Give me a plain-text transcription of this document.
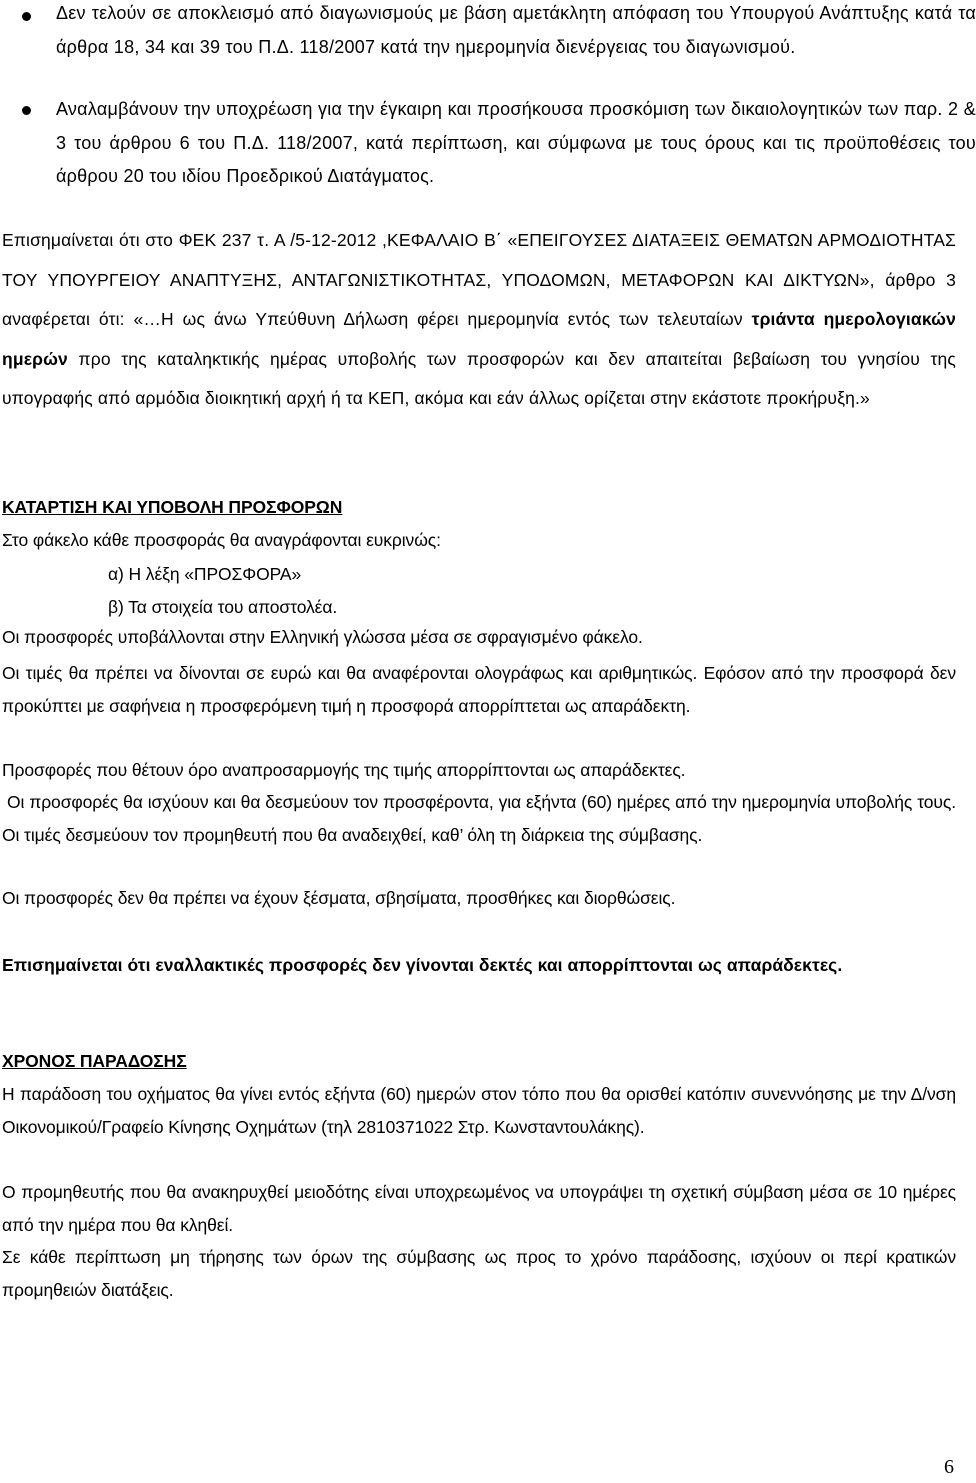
Δεν τελούν σε αποκλεισμό από διαγωνισμούς με βάση αμετάκλητη απόφαση του Υπουργού Ανάπτυξης κατά τα άρθρα 18, 34 και 39 του Π.Δ. 118/2007 κατά την ημερομηνία διενέργειας του διαγωνισμού.
Αναλαμβάνουν την υποχρέωση για την έγκαιρη και προσήκουσα προσκόμιση των δικαιολογητικών των παρ. 2 & 3 του άρθρου 6 του Π.Δ. 118/2007, κατά περίπτωση, και σύμφωνα με τους όρους και τις προϋποθέσεις του άρθρου 20 του ιδίου Προεδρικού Διατάγματος.
Επισημαίνεται ότι στο ΦΕΚ 237 τ. Α /5-12-2012 ,ΚΕΦΑΛΑΙΟ Β΄ «ΕΠΕΙΓΟΥΣΕΣ ΔΙΑΤΑΞΕΙΣ ΘΕΜΑΤΩΝ ΑΡΜΟΔΙΟΤΗΤΑΣ ΤΟΥ ΥΠΟΥΡΓΕΙΟΥ ΑΝΑΠΤΥΞΗΣ, ΑΝΤΑΓΩΝΙΣΤΙΚΟΤΗΤΑΣ, ΥΠΟΔΟΜΩΝ, ΜΕΤΑΦΟΡΩΝ ΚΑΙ ΔΙΚΤΥΩΝ», άρθρο 3 αναφέρεται ότι: «…Η ως άνω Υπεύθυνη Δήλωση φέρει ημερομηνία εντός των τελευταίων τριάντα ημερολογιακών ημερών προ της καταληκτικής ημέρας υποβολής των προσφορών και δεν απαιτείται βεβαίωση του γνησίου της υπογραφής από αρμόδια διοικητική αρχή ή τα ΚΕΠ, ακόμα και εάν άλλως ορίζεται στην εκάστοτε προκήρυξη.»
ΚΑΤΑΡΤΙΣΗ ΚΑΙ ΥΠΟΒΟΛΗ ΠΡΟΣΦΟΡΩΝ
Στο φάκελο κάθε προσφοράς θα αναγράφονται ευκρινώς:
α) Η λέξη «ΠΡΟΣΦΟΡΑ»
β) Τα στοιχεία του αποστολέα.
Οι προσφορές υποβάλλονται στην Ελληνική γλώσσα μέσα σε σφραγισμένο φάκελο.
Οι τιμές θα πρέπει να δίνονται σε ευρώ και θα αναφέρονται ολογράφως και αριθμητικώς. Εφόσον από την προσφορά δεν προκύπτει με σαφήνεια η προσφερόμενη τιμή η προσφορά απορρίπτεται ως απαράδεκτη.
Προσφορές που θέτουν όρο αναπροσαρμογής της τιμής απορρίπτονται ως απαράδεκτες.
Οι προσφορές θα ισχύουν και θα δεσμεύουν τον προσφέροντα, για εξήντα (60) ημέρες από την ημερομηνία υποβολής τους. Οι τιμές δεσμεύουν τον προμηθευτή που θα αναδειχθεί, καθ’ όλη τη διάρκεια της σύμβασης.
Οι προσφορές δεν θα πρέπει να έχουν ξέσματα, σβησίματα, προσθήκες και διορθώσεις.
Επισημαίνεται ότι εναλλακτικές προσφορές δεν γίνονται δεκτές και απορρίπτονται ως απαράδεκτες.
ΧΡΟΝΟΣ ΠΑΡΑΔΟΣΗΣ
Η παράδοση του οχήματος θα γίνει εντός εξήντα (60) ημερών στον τόπο που θα ορισθεί κατόπιν συνεννόησης με την Δ/νση Οικονομικού/Γραφείο Κίνησης Οχημάτων (τηλ 2810371022 Στρ. Κωνσταντουλάκης).
Ο προμηθευτής που θα ανακηρυχθεί μειοδότης είναι υποχρεωμένος να υπογράψει τη σχετική σύμβαση μέσα σε 10 ημέρες από την ημέρα που θα κληθεί.
Σε κάθε περίπτωση μη τήρησης των όρων της σύμβασης ως προς το χρόνο παράδοσης, ισχύουν οι περί κρατικών προμηθειών διατάξεις.
6
